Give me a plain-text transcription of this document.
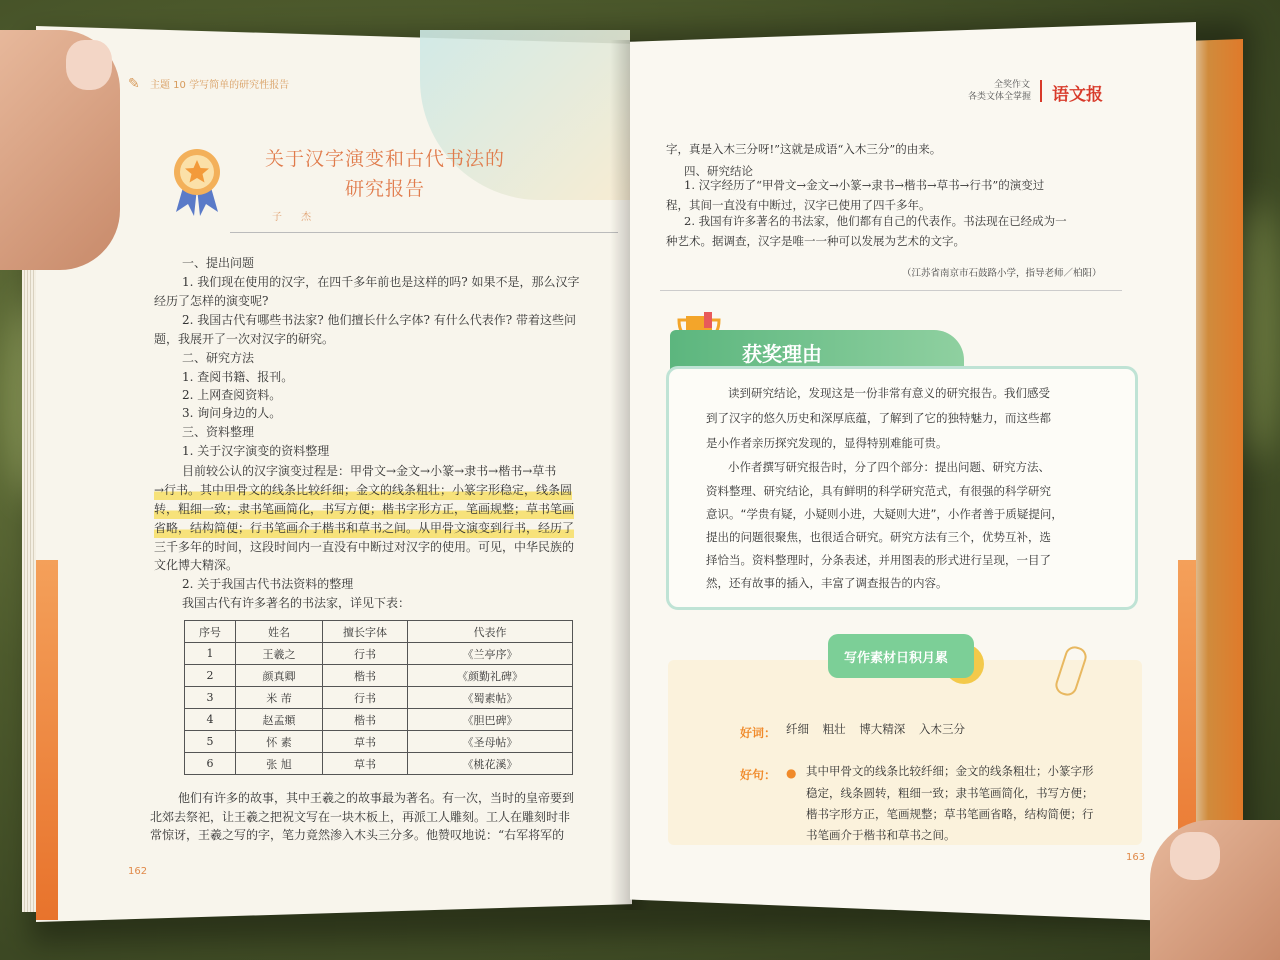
✎ 主题 10 学写简单的研究性报告
关于汉字演变和古代书法的
研究报告
子 杰
一、提出问题
1. 我们现在使用的汉字，在四千多年前也是这样的吗? 如果不是，那么汉字
经历了怎样的演变呢?
2. 我国古代有哪些书法家? 他们擅长什么字体? 有什么代表作? 带着这些问
题，我展开了一次对汉字的研究。
二、研究方法
1. 查阅书籍、报刊。
2. 上网查阅资料。
3. 询问身边的人。
三、资料整理
1. 关于汉字演变的资料整理
目前较公认的汉字演变过程是：甲骨文→金文→小篆→隶书→楷书→草书
→行书。其中甲骨文的线条比较纤细；金文的线条粗壮；小篆字形稳定，线条圆
转，粗细一致；隶书笔画简化，书写方便；楷书字形方正，笔画规整；草书笔画
省略，结构简便；行书笔画介于楷书和草书之间。从甲骨文演变到行书，经历了
三千多年的时间，这段时间内一直没有中断过对汉字的使用。可见，中华民族的
文化博大精深。
2. 关于我国古代书法资料的整理
我国古代有许多著名的书法家，详见下表：
序号	姓名	擅长字体	代表作
1	王羲之	行书	《兰亭序》
2	颜真卿	楷书	《颜勤礼碑》
3	米 芾	行书	《蜀素帖》
4	赵孟頫	楷书	《胆巴碑》
5	怀 素	草书	《圣母帖》
6	张 旭	草书	《桃花溪》
他们有许多的故事，其中王羲之的故事最为著名。有一次，当时的皇帝要到
北郊去祭祀，让王羲之把祝文写在一块木板上，再派工人雕刻。工人在雕刻时非
常惊讶，王羲之写的字，笔力竟然渗入木头三分多。他赞叹地说：“右军将军的
162
全奖作文
各类文体全掌握 语文报
字，真是入木三分呀!”这就是成语“入木三分”的由来。
四、研究结论
1. 汉字经历了“甲骨文→金文→小篆→隶书→楷书→草书→行书”的演变过
程，其间一直没有中断过，汉字已使用了四千多年。
2. 我国有许多著名的书法家，他们都有自己的代表作。书法现在已经成为一
种艺术。据调查，汉字是唯一一种可以发展为艺术的文字。
（江苏省南京市石鼓路小学，指导老师／柏阳）
获奖理由
读到研究结论，发现这是一份非常有意义的研究报告。我们感受
到了汉字的悠久历史和深厚底蕴，了解到了它的独特魅力，而这些都
是小作者亲历探究发现的，显得特别难能可贵。
小作者撰写研究报告时，分了四个部分：提出问题、研究方法、
资料整理、研究结论，具有鲜明的科学研究范式，有很强的科学研究
意识。“学贵有疑，小疑则小进，大疑则大进”，小作者善于质疑提问，
提出的问题很聚焦，也很适合研究。研究方法有三个，优势互补，选
择恰当。资料整理时，分条表述，并用图表的形式进行呈现，一目了
然，还有故事的插入，丰富了调查报告的内容。
写作素材日积月累
好词： 纤细 粗壮 博大精深 入木三分
好句： ● 其中甲骨文的线条比较纤细；金文的线条粗壮；小篆字形
稳定，线条圆转，粗细一致；隶书笔画简化，书写方便；
楷书字形方正，笔画规整；草书笔画省略，结构简便；行
书笔画介于楷书和草书之间。
163
